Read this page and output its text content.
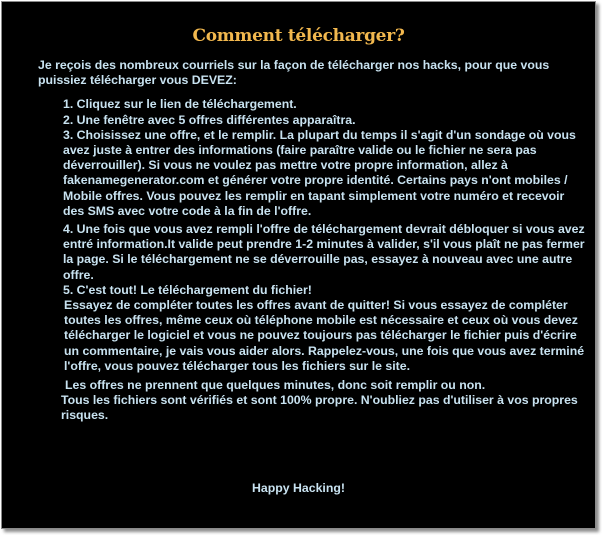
Comment télécharger?

Je reçois des nombreux courriels sur la façon de télécharger nos hacks, pour que vous puissiez télécharger vous DEVEZ:

1. Cliquez sur le lien de téléchargement.

2. Une fenêtre avec 5 offres différentes apparaîtra.

3. Choisissez une offre, et le remplir. La plupart du temps il s'agit d'un sondage où vous avez juste à entrer des informations (faire paraître valide ou le fichier ne sera pas déverrouiller). Si vous ne voulez pas mettre votre propre information, allez à fakenamegenerator.com et générer votre propre identité. Certains pays n'ont mobiles / Mobile offres. Vous pouvez les remplir en tapant simplement votre numéro et recevoir des SMS avec votre code à la fin de l'offre.

4. Une fois que vous avez rempli l'offre de téléchargement devrait débloquer si vous avez entré information.It valide peut prendre 1-2 minutes à valider, s'il vous plaît ne pas fermer la page. Si le téléchargement ne se déverrouille pas, essayez à nouveau avec une autre offre.

5. C'est tout! Le téléchargement du fichier!

Essayez de compléter toutes les offres avant de quitter! Si vous essayez de compléter toutes les offres, même ceux où téléphone mobile est nécessaire et ceux où vous devez télécharger le logiciel et vous ne pouvez toujours pas télécharger le fichier puis d'écrire un commentaire, je vais vous aider alors. Rappelez-vous, une fois que vous avez terminé l'offre, vous pouvez télécharger tous les fichiers sur le site.

Les offres ne prennent que quelques minutes, donc soit remplir ou non.

Tous les fichiers sont vérifiés et sont 100% propre. N'oubliez pas d'utiliser à vos propres risques.

Happy Hacking!
